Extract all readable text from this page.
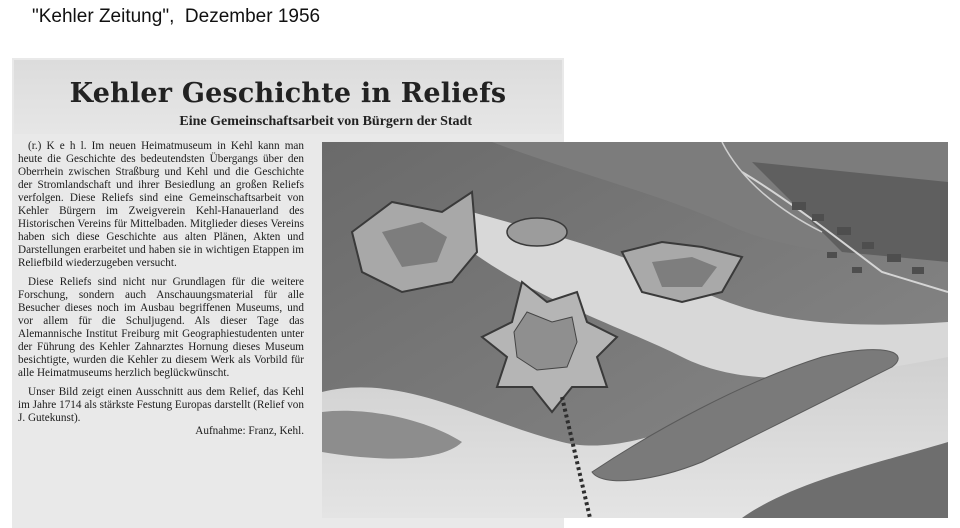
"Kehler Zeitung",  Dezember 1956
Kehler Geschichte in Reliefs
Eine Gemeinschaftsarbeit von Bürgern der Stadt

(r.) K e h l. Im neuen Heimatmuseum in Kehl kann man heute die Geschichte des bedeutendsten Übergangs über den Oberrhein zwischen Straßburg und Kehl und die Geschichte der Stromlandschaft und ihrer Besiedlung an großen Reliefs verfolgen. Diese Reliefs sind eine Gemeinschaftsarbeit von Kehler Bürgern im Zweigverein Kehl-Hanauerland des Historischen Vereins für Mittelbaden. Mitglieder dieses Vereins haben sich diese Geschichte aus alten Plänen, Akten und Darstellungen erarbeitet und haben sie in wichtigen Etappen im Reliefbild wiederzugeben versucht.

Diese Reliefs sind nicht nur Grundlagen für die weitere Forschung, sondern auch Anschauungsmaterial für alle Besucher dieses noch im Ausbau begriffenen Museums, und vor allem für die Schuljugend. Als dieser Tage das Alemannische Institut Freiburg mit Geographiestudenten unter der Führung des Kehler Zahnarztes Hornung dieses Museum besichtigte, wurden die Kehler zu diesem Werk als Vorbild für alle Heimatmuseums herzlich beglückwünscht.

Unser Bild zeigt einen Ausschnitt aus dem Relief, das Kehl im Jahre 1714 als stärkste Festung Europas darstellt (Relief von J. Gutekunst).
Aufnahme: Franz, Kehl.
